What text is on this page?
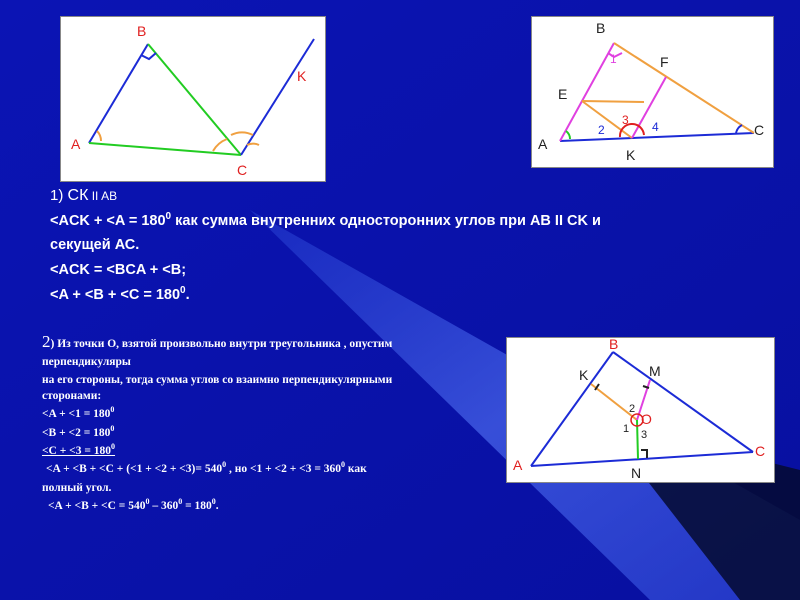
B
A
C
K
B
E
F
A
K
C
1
2
3 4
B
K	M
O
A
C
N
1
2
3
1) СК II AB
$<ACK + <A = 180^0$ как сумма внутренних односторонних углов при AB II CK и
секущей АС.
<ACK = <BCA + <B;
$<A + <B + <C = 180^0$.
2) Из точки О, взятой произвольно внутри треугольника , опустим
перпендикуляры
на его стороны, тогда сумма углов со взаимно перпендикулярными
сторонами:
$<A + <1 = 180^0$
$<B + <2 = 180^0$
$<C + <3 = 180^0$
$<A + <B + <C + (<1 + <2 + <3)= 540^0$ , но $<1 + <2 + <3 = 360^0$ как
полный угол.
$<A + <B + <C = 540^0 - 360^0 = 180^0$.
